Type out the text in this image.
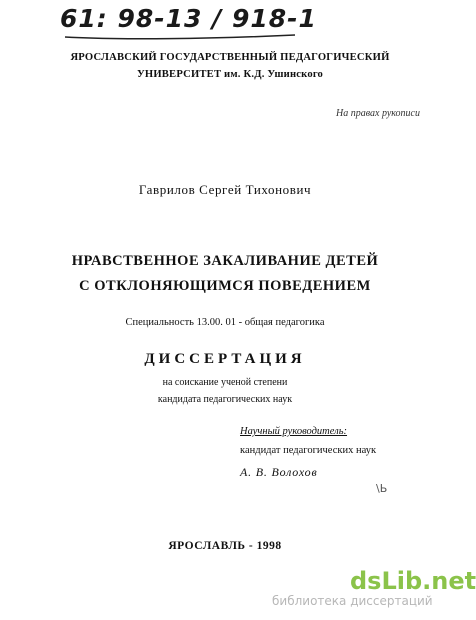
61: 98-13 / 918-1
ЯРОСЛАВСКИЙ ГОСУДАРСТВЕННЫЙ ПЕДАГОГИЧЕСКИЙ
УНИВЕРСИТЕТ им. К.Д. Ушинского
На правах рукописи
Гаврилов Сергей Тихонович
НРАВСТВЕННОЕ ЗАКАЛИВАНИЕ ДЕТЕЙ
С ОТКЛОНЯЮЩИМСЯ ПОВЕДЕНИЕМ
Специальность 13.00. 01 - общая педагогика
ДИССЕРТАЦИЯ
на соискание ученой степени
кандидата педагогических наук
Научный руководитель:
кандидат педагогических наук
А. В. Волохов
\Ь
ЯРОСЛАВЛЬ - 1998
dsLib.net
библиотека диссертаций
